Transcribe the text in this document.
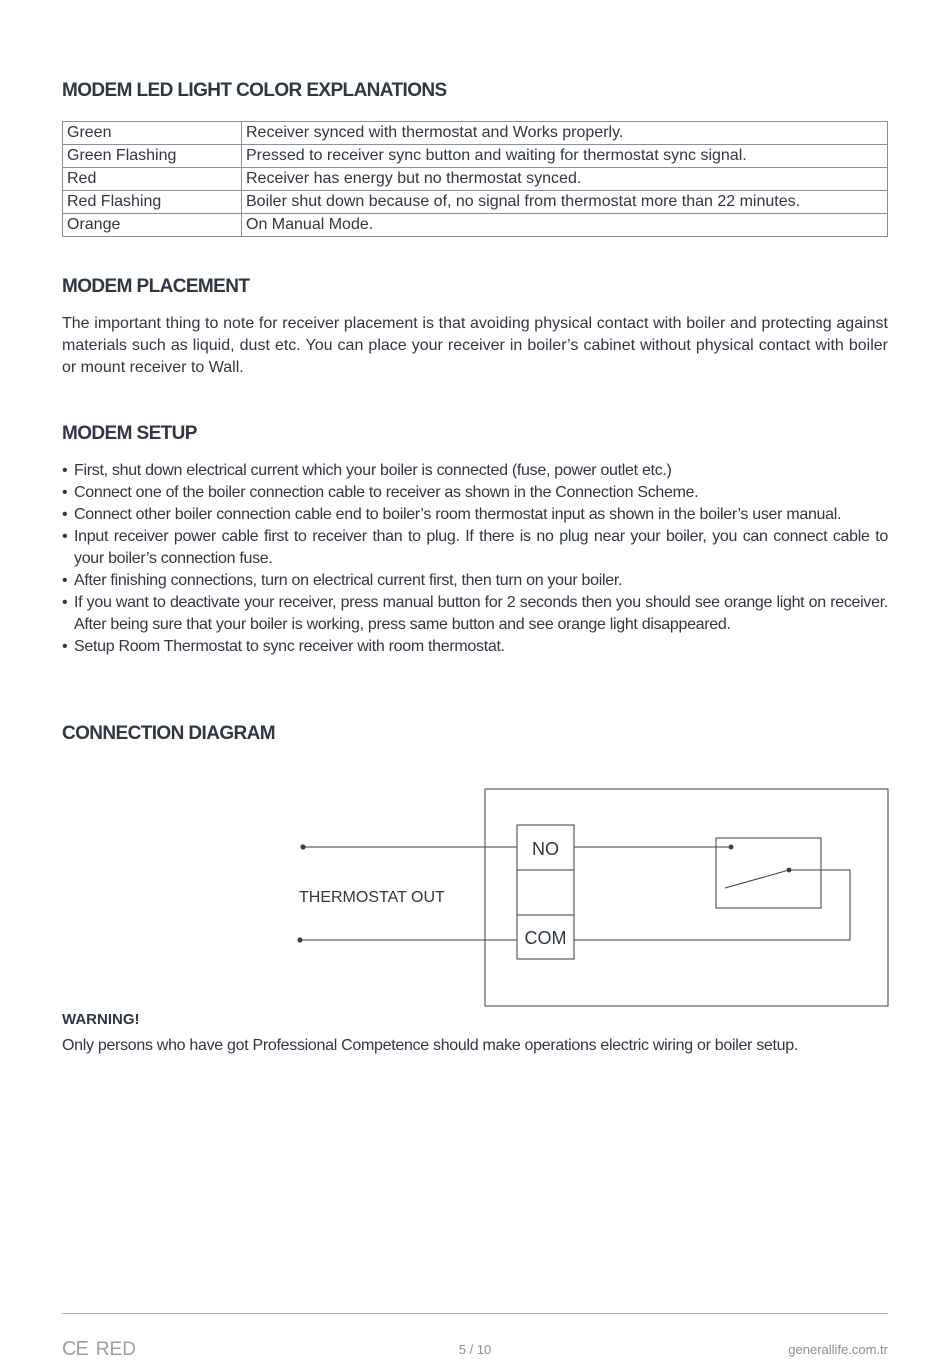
MODEM LED LIGHT COLOR EXPLANATIONS
Green	Receiver synced with thermostat and Works properly.
Green Flashing	Pressed to receiver sync button and waiting for thermostat sync signal.
Red	Receiver has energy but no thermostat synced.
Red Flashing	Boiler shut down because of, no signal from thermostat more than 22 minutes.
Orange	On Manual Mode.
MODEM PLACEMENT

The important thing to note for receiver placement is that avoiding physical contact with boiler and protecting against materials such as liquid, dust etc. You can place your receiver in boiler’s cabinet without physical contact with boiler or mount receiver to Wall.

MODEM SETUP
• First, shut down electrical current which your boiler is connected (fuse, power outlet etc.)
• Connect one of the boiler connection cable to receiver as shown in the Connection Scheme.
• Connect other boiler connection cable end to boiler’s room thermostat input as shown in the boiler’s user manual.
• Input receiver power cable first to receiver than to plug. If there is no plug near your boiler, you can connect cable to your boiler’s connection fuse.
• After finishing connections, turn on electrical current first, then turn on your boiler.
• If you want to deactivate your receiver, press manual button for 2 seconds then you should see orange light on receiver. After being sure that your boiler is working, press same button and see orange light disappeared.
• Setup Room Thermostat to sync receiver with room thermostat.
CONNECTION DIAGRAM
THERMOSTAT OUT
NO
COM

WARNING!

Only persons who have got Professional Competence should make operations electric wiring or boiler setup.

CE RED	5 / 10	generallife.com.tr
